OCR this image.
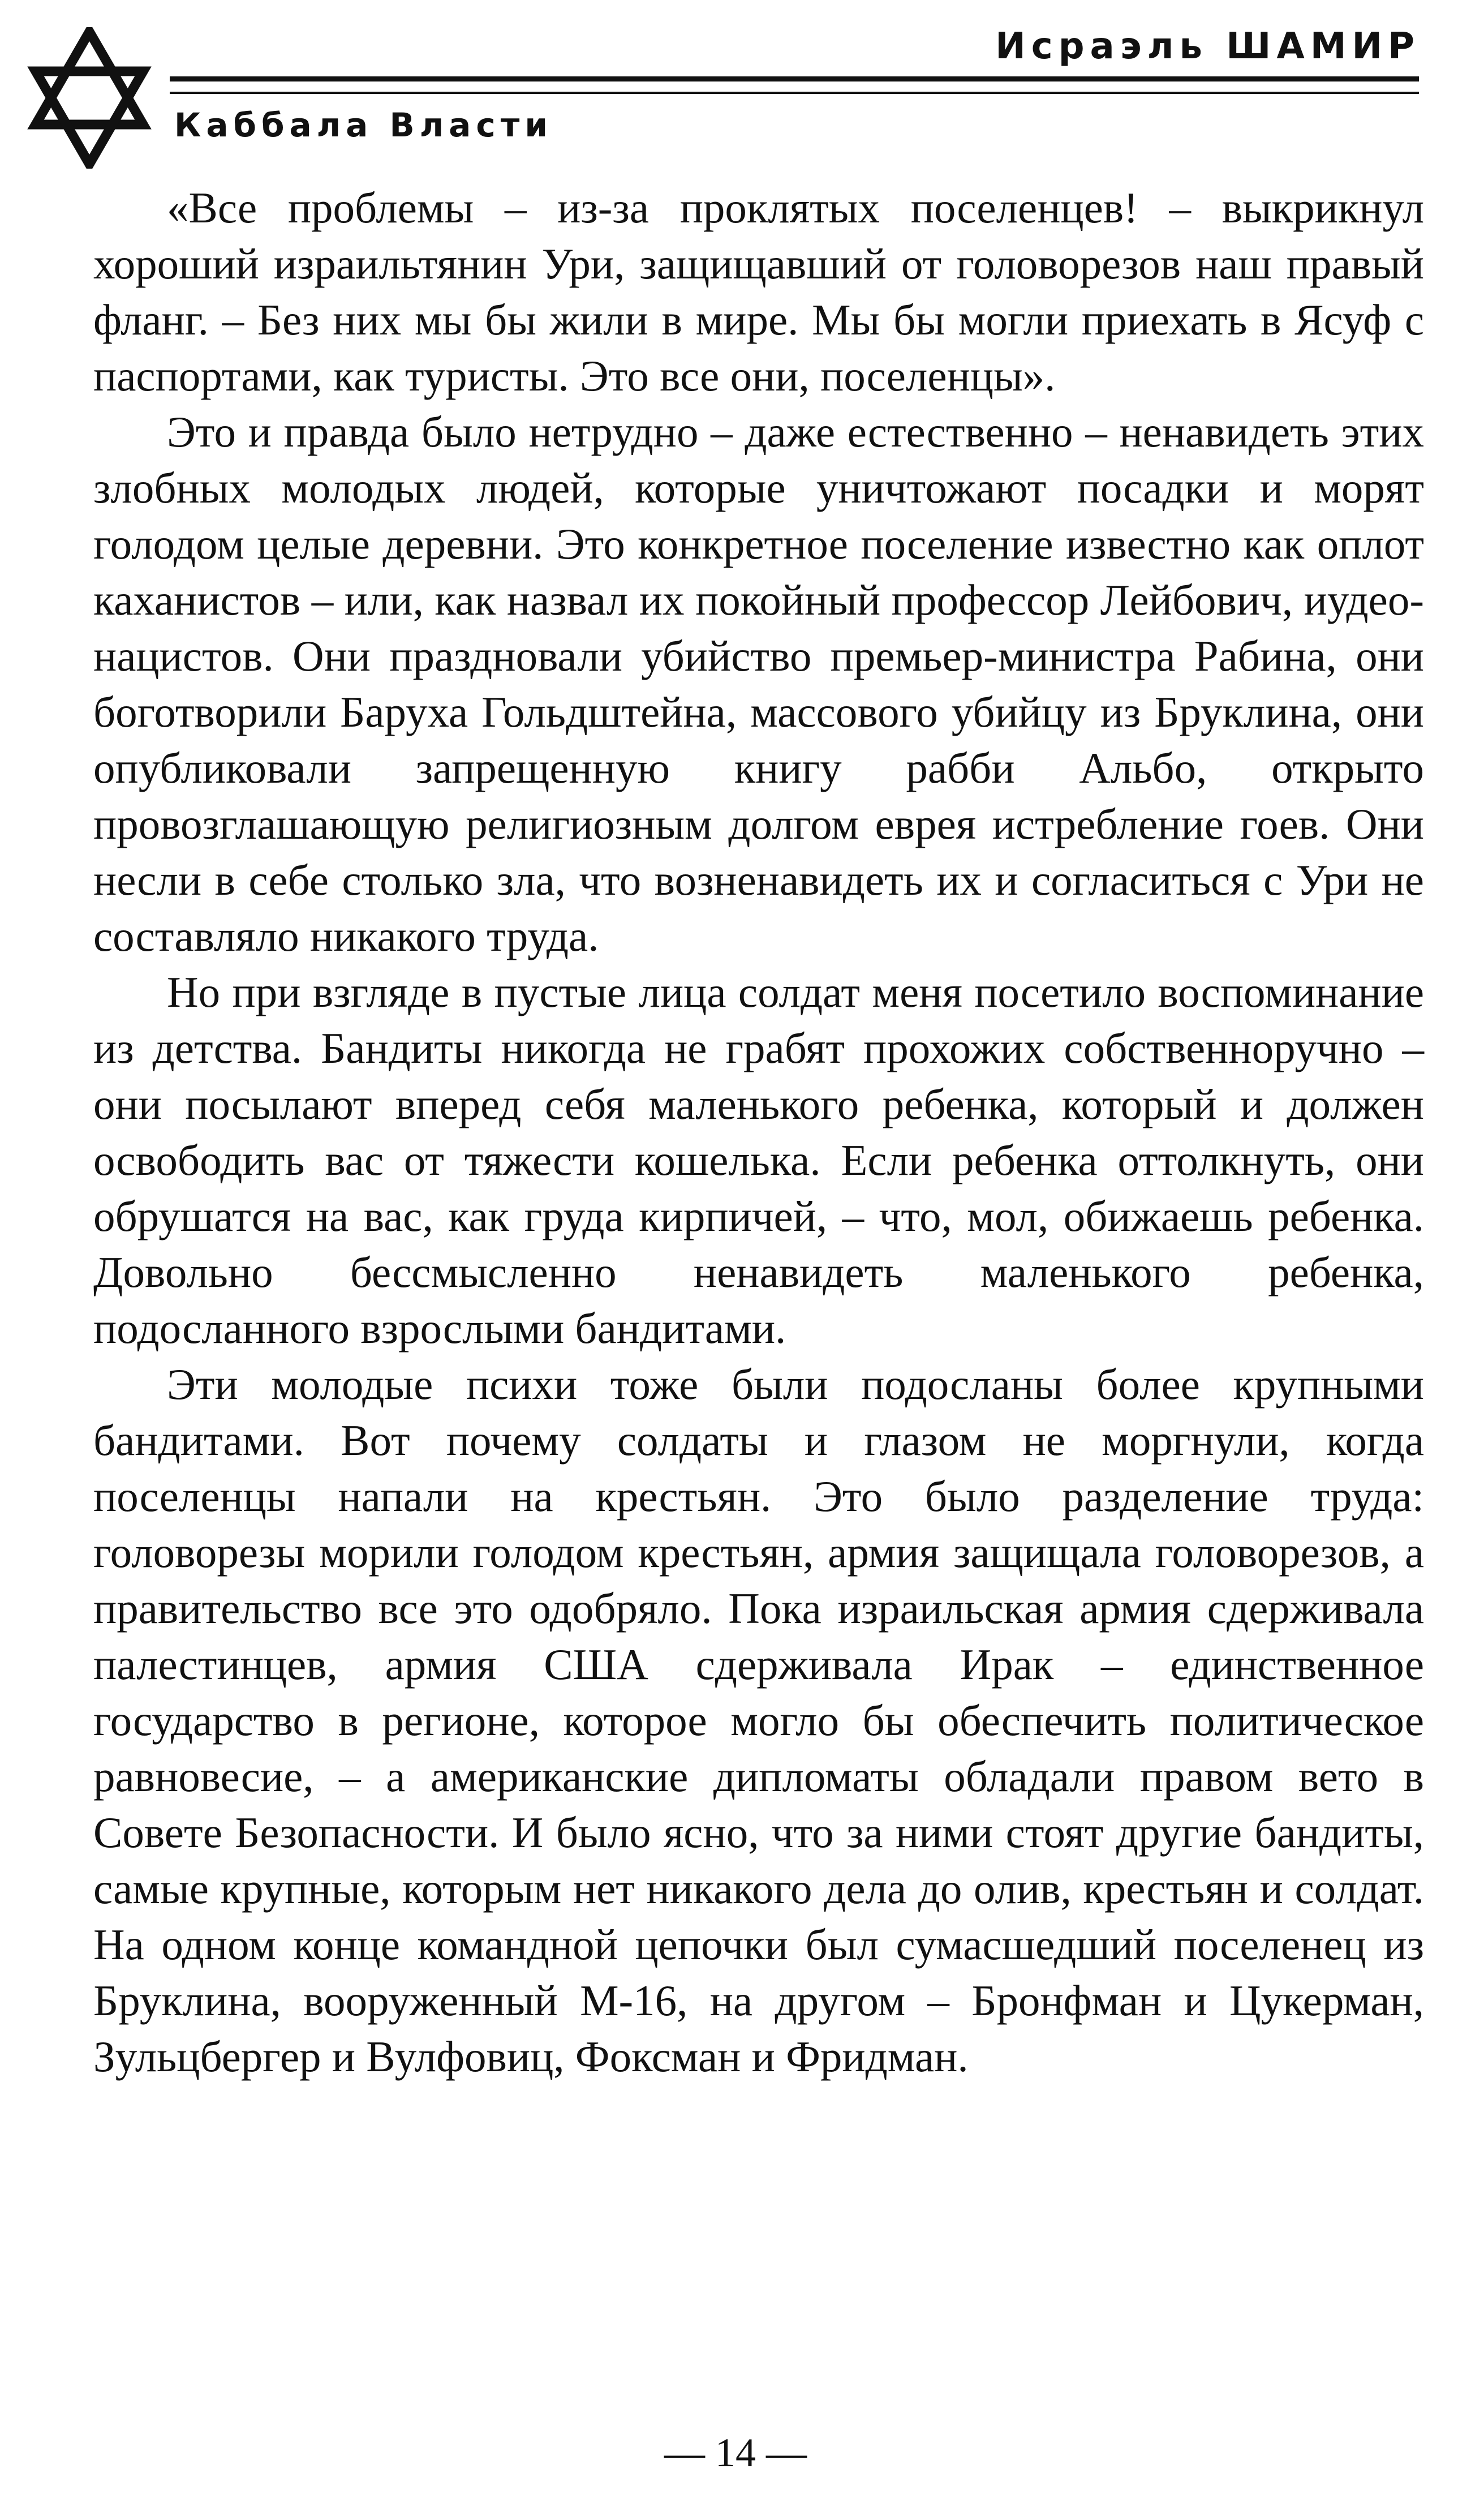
Исраэль ШАМИР
Каббала Власти

«Все проблемы – из-за проклятых поселенцев! – выкрикнул хороший израильтянин Ури, защищавший от головорезов наш правый фланг. – Без них мы бы жили в мире. Мы бы могли приехать в Ясуф с паспортами, как туристы. Это все они, поселенцы».

Это и правда было нетрудно – даже естественно – ненавидеть этих злобных молодых людей, которые уничтожают посадки и морят голодом целые деревни. Это конкретное поселение известно как оплот каханистов – или, как назвал их покойный профессор Лейбович, иудео-нацистов. Они праздновали убийство премьер-министра Рабина, они боготворили Баруха Гольдштейна, массового убийцу из Бруклина, они опубликовали запрещенную книгу рабби Альбо, открыто провозглашающую религиозным долгом еврея истребление гоев. Они несли в себе столько зла, что возненавидеть их и согласиться с Ури не составляло никакого труда.

Но при взгляде в пустые лица солдат меня посетило воспоминание из детства. Бандиты никогда не грабят прохожих собственноручно – они посылают вперед себя маленького ребенка, который и должен освободить вас от тяжести кошелька. Если ребенка оттолкнуть, они обрушатся на вас, как груда кирпичей, – что, мол, обижаешь ребенка. Довольно бессмысленно ненавидеть маленького ребенка, подосланного взрослыми бандитами.

Эти молодые психи тоже были подосланы более крупными бандитами. Вот почему солдаты и глазом не моргнули, когда поселенцы напали на крестьян. Это было разделение труда: головорезы морили голодом крестьян, армия защищала головорезов, а правительство все это одобряло. Пока израильская армия сдерживала палестинцев, армия США сдерживала Ирак – единственное государство в регионе, которое могло бы обеспечить политическое равновесие, – а американские дипломаты обладали правом вето в Совете Безопасности. И было ясно, что за ними стоят другие бандиты, самые крупные, которым нет никакого дела до олив, крестьян и солдат. На одном конце командной цепочки был сумасшедший поселенец из Бруклина, вооруженный М-16, на другом – Бронфман и Цукерман, Зульцбергер и Вулфовиц, Фоксман и Фридман.

— 14 —
